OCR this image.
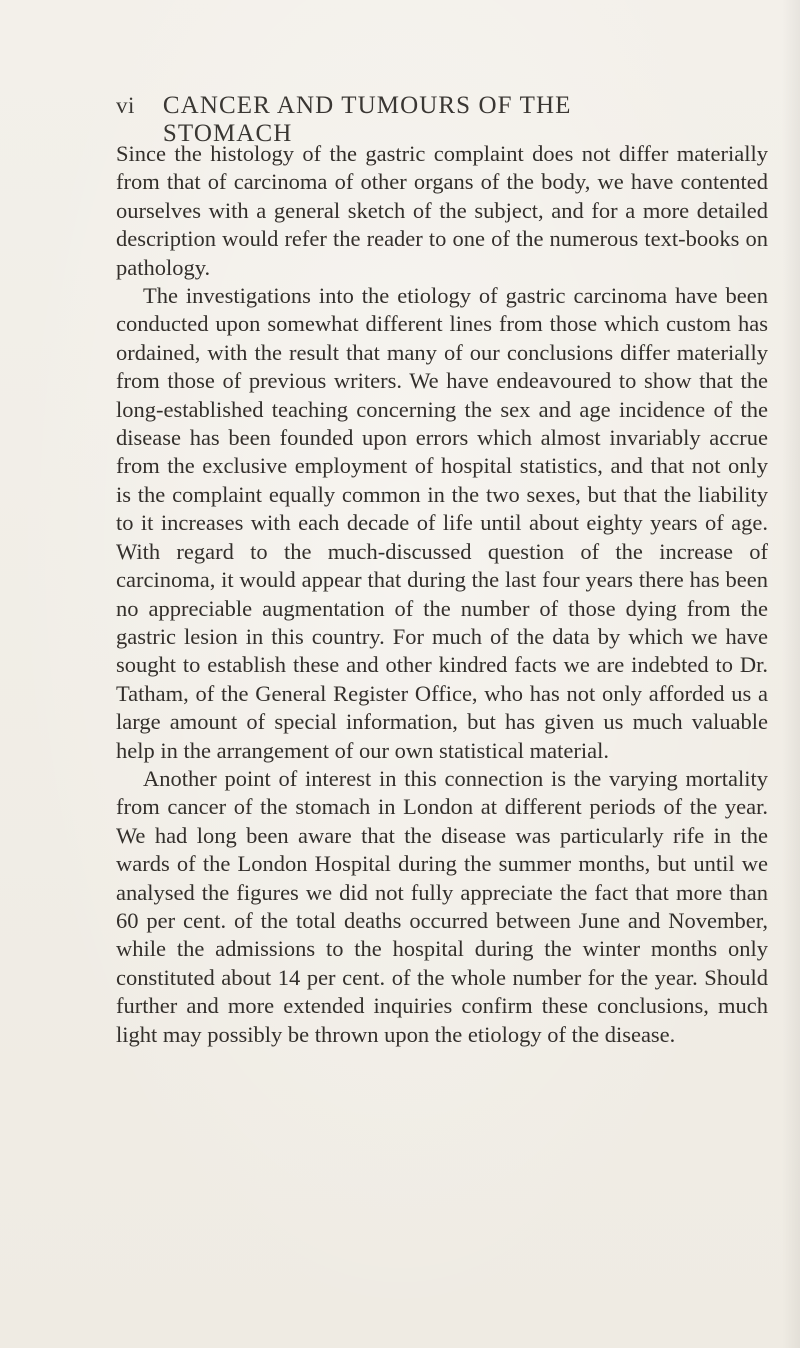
vi CANCER AND TUMOURS OF THE STOMACH

Since the histology of the gastric complaint does not differ materially from that of carcinoma of other organs of the body, we have contented ourselves with a general sketch of the subject, and for a more detailed description would refer the reader to one of the numerous text-books on pathology.

The investigations into the etiology of gastric carcinoma have been conducted upon somewhat different lines from those which custom has ordained, with the result that many of our conclusions differ materially from those of previous writers. We have endeavoured to show that the long-established teaching concerning the sex and age incidence of the disease has been founded upon errors which almost invariably accrue from the exclusive employment of hospital statistics, and that not only is the complaint equally common in the two sexes, but that the liability to it increases with each decade of life until about eighty years of age. With regard to the much-discussed question of the increase of carcinoma, it would appear that during the last four years there has been no appreciable augmentation of the number of those dying from the gastric lesion in this country. For much of the data by which we have sought to establish these and other kindred facts we are indebted to Dr. Tatham, of the General Register Office, who has not only afforded us a large amount of special information, but has given us much valuable help in the arrangement of our own statistical material.

Another point of interest in this connection is the varying mortality from cancer of the stomach in London at different periods of the year. We had long been aware that the disease was particularly rife in the wards of the London Hospital during the summer months, but until we analysed the figures we did not fully appreciate the fact that more than 60 per cent. of the total deaths occurred between June and November, while the admissions to the hospital during the winter months only constituted about 14 per cent. of the whole number for the year. Should further and more extended inquiries confirm these conclusions, much light may possibly be thrown upon the etiology of the disease.
